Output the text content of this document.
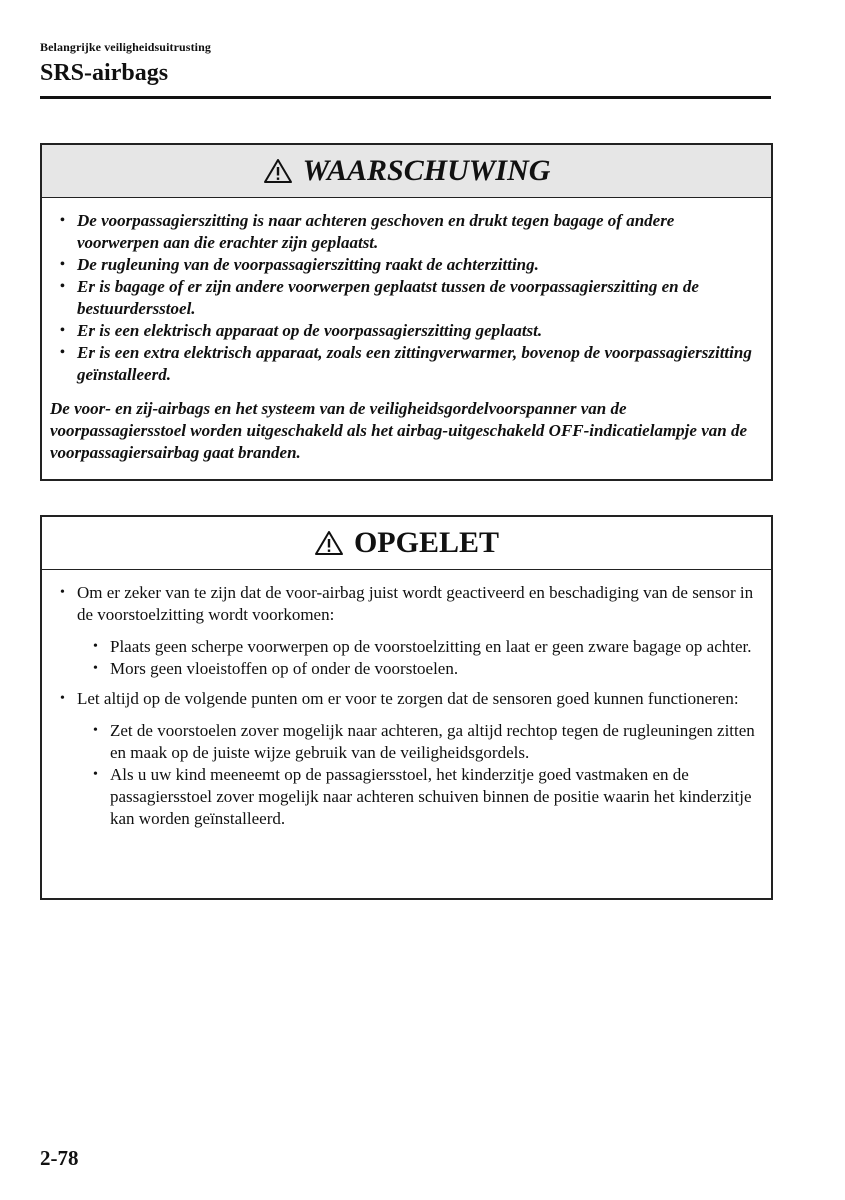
Belangrijke veiligheidsuitrusting
SRS-airbags
WAARSCHUWING
• De voorpassagierszitting is naar achteren geschoven en drukt tegen bagage of andere voorwerpen aan die erachter zijn geplaatst.
• De rugleuning van de voorpassagierszitting raakt de achterzitting.
• Er is bagage of er zijn andere voorwerpen geplaatst tussen de voorpassagierszitting en de bestuurdersstoel.
• Er is een elektrisch apparaat op de voorpassagierszitting geplaatst.
• Er is een extra elektrisch apparaat, zoals een zittingverwarmer, bovenop de voorpassagierszitting geïnstalleerd.
De voor- en zij-airbags en het systeem van de veiligheidsgordelvoorspanner van de voorpassagiersstoel worden uitgeschakeld als het airbag-uitgeschakeld OFF-indicatielampje van de voorpassagiersairbag gaat branden.
OPGELET
• Om er zeker van te zijn dat de voor-airbag juist wordt geactiveerd en beschadiging van de sensor in de voorstoelzitting wordt voorkomen:
• Plaats geen scherpe voorwerpen op de voorstoelzitting en laat er geen zware bagage op achter.
• Mors geen vloeistoffen op of onder de voorstoelen.
• Let altijd op de volgende punten om er voor te zorgen dat de sensoren goed kunnen functioneren:
• Zet de voorstoelen zover mogelijk naar achteren, ga altijd rechtop tegen de rugleuningen zitten en maak op de juiste wijze gebruik van de veiligheidsgordels.
• Als u uw kind meeneemt op de passagiersstoel, het kinderzitje goed vastmaken en de passagiersstoel zover mogelijk naar achteren schuiven binnen de positie waarin het kinderzitje kan worden geïnstalleerd.
2-78
